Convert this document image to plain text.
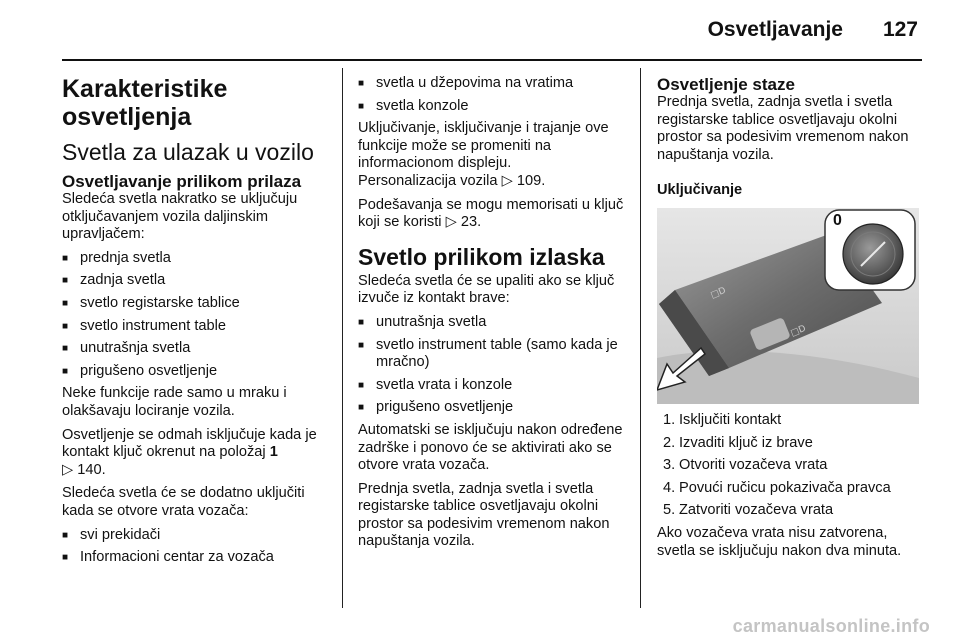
Osvetljavanje 127
Karakteristike osvetljenja
Svetla za ulazak u vozilo
Osvetljavanje prilikom prilaza
Sledeća svetla nakratko se uključuju otključavanjem vozila daljinskim upravljačem:
■ prednja svetla
■ zadnja svetla
■ svetlo registarske tablice
■ svetlo instrument table
■ unutrašnja svetla
■ prigušeno osvetljenje
Neke funkcije rade samo u mraku i olakšavaju lociranje vozila.
Osvetljenje se odmah isključuje kada je kontakt ključ okrenut na položaj 1
▷ 140.
Sledeća svetla će se dodatno uključiti kada se otvore vrata vozača:
■ svi prekidači
■ Informacioni centar za vozača
■ svetla u džepovima na vratima
■ svetla konzole
Uključivanje, isključivanje i trajanje ove funkcije može se promeniti na informacionom displeju.
Personalizacija vozila ▷ 109.
Podešavanja se mogu memorisati u ključ koji se koristi ▷ 23.
Svetlo prilikom izlaska
Sledeća svetla će se upaliti ako se ključ izvuče iz kontakt brave:
■ unutrašnja svetla
■ svetlo instrument table (samo kada je mračno)
■ svetla vrata i konzole
■ prigušeno osvetljenje
Automatski se isključuju nakon određene zadrške i ponovo će se aktivirati ako se otvore vrata vozača.
Prednja svetla, zadnja svetla i svetla registarske tablice osvetljavaju okolni prostor sa podesivim vremenom nakon napuštanja vozila.
Osvetljenje staze
Prednja svetla, zadnja svetla i svetla registarske tablice osvetljavaju okolni prostor sa podesivim vremenom nakon napuštanja vozila.
Uključivanje
□D
□D
0
1. Isključiti kontakt
2. Izvaditi ključ iz brave
3. Otvoriti vozačeva vrata
4. Povući ručicu pokazivača pravca
5. Zatvoriti vozačeva vrata
Ako vozačeva vrata nisu zatvorena, svetla se isključuju nakon dva minuta.
carmanualsonline.info
